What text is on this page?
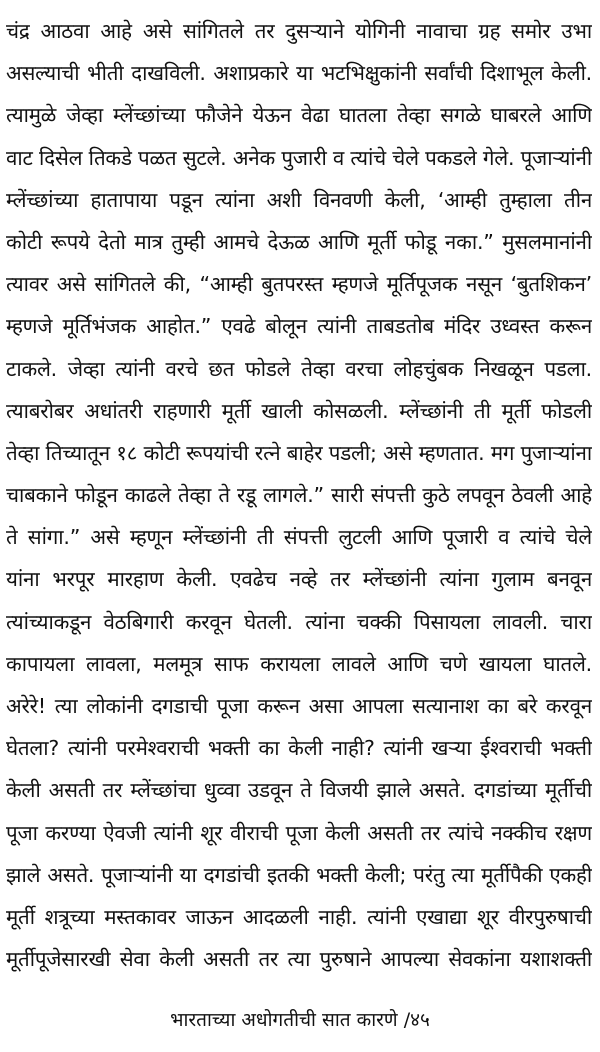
चंद्र आठवा आहे असे सांगितले तर दुसऱ्याने योगिनी नावाचा ग्रह समोर उभा
असल्याची भीती दाखविली. अशाप्रकारे या भटभिक्षुकांनी सर्वांची दिशाभूल केली.
त्यामुळे जेव्हा म्लेंच्छांच्या फौजेने येऊन वेढा घातला तेव्हा सगळे घाबरले आणि
वाट दिसेल तिकडे पळत सुटले. अनेक पुजारी व त्यांचे चेले पकडले गेले. पूजाऱ्यांनी
म्लेंच्छांच्या हातापाया पडून त्यांना अशी विनवणी केली, ‘आम्ही तुम्हाला तीन
कोटी रूपये देतो मात्र तुम्ही आमचे देऊळ आणि मूर्ती फोडू नका.” मुसलमानांनी
त्यावर असे सांगितले की, “आम्ही बुतपरस्त म्हणजे मूर्तिपूजक नसून ‘बुतशिकन’
म्हणजे मूर्तिभंजक आहोत.” एवढे बोलून त्यांनी ताबडतोब मंदिर उध्वस्त करून
टाकले. जेव्हा त्यांनी वरचे छत फोडले तेव्हा वरचा लोहचुंबक निखळून पडला.
त्याबरोबर अधांतरी राहणारी मूर्ती खाली कोसळली. म्लेंच्छांनी ती मूर्ती फोडली
तेव्हा तिच्यातून १८ कोटी रूपयांची रत्ने बाहेर पडली; असे म्हणतात. मग पुजाऱ्यांना
चाबकाने फोडून काढले तेव्हा ते रडू लागले.” सारी संपत्ती कुठे लपवून ठेवली आहे
ते सांगा.” असे म्हणून म्लेंच्छांनी ती संपत्ती लुटली आणि पूजारी व त्यांचे चेले
यांना भरपूर मारहाण केली. एवढेच नव्हे तर म्लेंच्छांनी त्यांना गुलाम बनवून
त्यांच्याकडून वेठबिगारी करवून घेतली. त्यांना चक्की पिसायला लावली. चारा
कापायला लावला, मलमूत्र साफ करायला लावले आणि चणे खायला घातले.
अरेरे! त्या लोकांनी दगडाची पूजा करून असा आपला सत्यानाश का बरे करवून
घेतला? त्यांनी परमेश्वराची भक्ती का केली नाही? त्यांनी खऱ्या ईश्वराची भक्ती
केली असती तर म्लेंच्छांचा धुव्वा उडवून ते विजयी झाले असते. दगडांच्या मूर्तीची
पूजा करण्या ऐवजी त्यांनी शूर वीराची पूजा केली असती तर त्यांचे नक्कीच रक्षण
झाले असते. पूजाऱ्यांनी या दगडांची इतकी भक्ती केली; परंतु त्या मूर्तीपैकी एकही
मूर्ती शत्रूच्या मस्तकावर जाऊन आदळली नाही. त्यांनी एखाद्या शूर वीरपुरुषाची
मूर्तीपूजेसारखी सेवा केली असती तर त्या पुरुषाने आपल्या सेवकांना यशाशक्ती
भारताच्या अधोगतीची सात कारणे /४५
